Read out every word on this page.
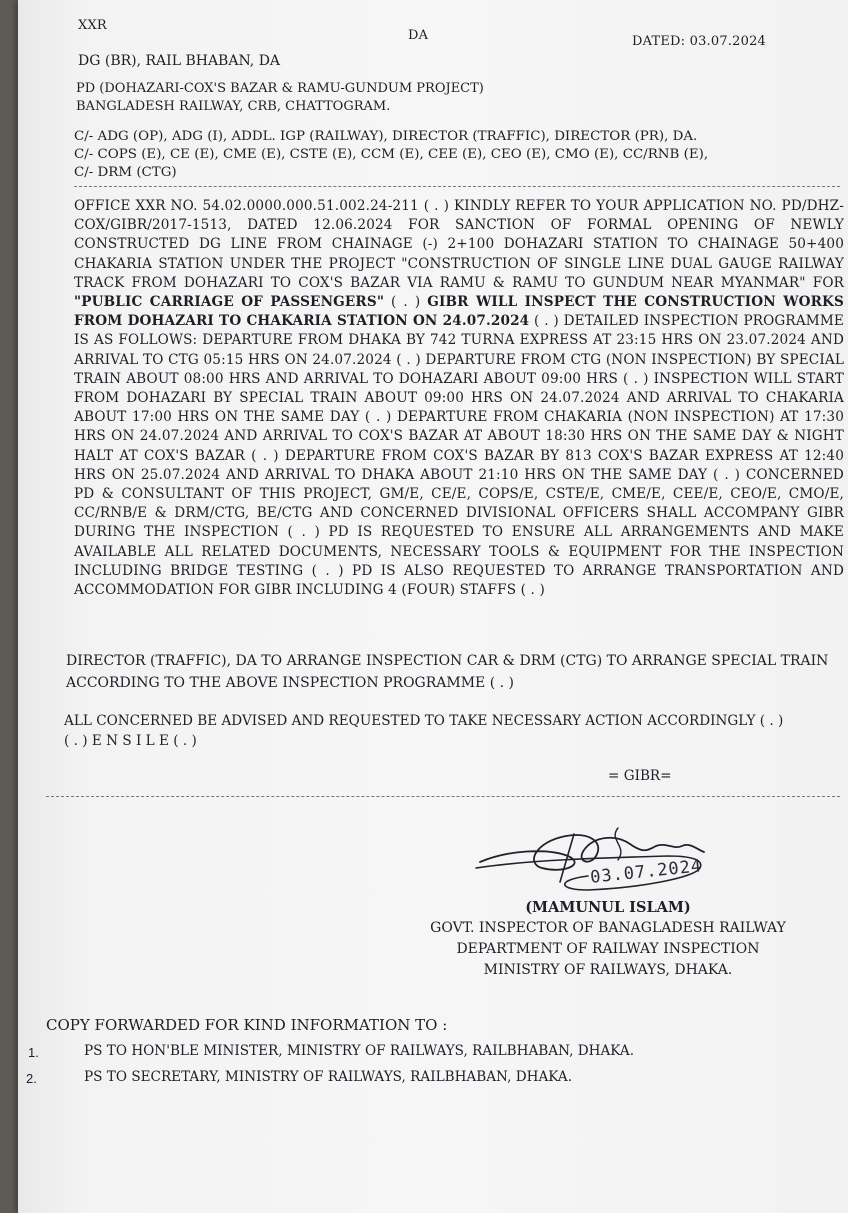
XXR
DA	DATED: 03.07.2024
DG (BR), RAIL BHABAN, DA
PD (DOHAZARI-COX'S BAZAR & RAMU-GUNDUM PROJECT)
BANGLADESH RAILWAY, CRB, CHATTOGRAM.
C/- ADG (OP), ADG (I), ADDL. IGP (RAILWAY), DIRECTOR (TRAFFIC), DIRECTOR (PR), DA.
C/- COPS (E), CE (E), CME (E), CSTE (E), CCM (E), CEE (E), CEO (E), CMO (E), CC/RNB (E),
C/- DRM (CTG)
OFFICE XXR NO. 54.02.0000.000.51.002.24-211 ( . ) KINDLY REFER TO YOUR APPLICATION NO. PD/DHZ-COX/GIBR/2017-1513, DATED 12.06.2024 FOR SANCTION OF FORMAL OPENING OF NEWLY CONSTRUCTED DG LINE FROM CHAINAGE (-) 2+100 DOHAZARI STATION TO CHAINAGE 50+400 CHAKARIA STATION UNDER THE PROJECT "CONSTRUCTION OF SINGLE LINE DUAL GAUGE RAILWAY TRACK FROM DOHAZARI TO COX'S BAZAR VIA RAMU & RAMU TO GUNDUM NEAR MYANMAR" FOR "PUBLIC CARRIAGE OF PASSENGERS" ( . ) GIBR WILL INSPECT THE CONSTRUCTION WORKS FROM DOHAZARI TO CHAKARIA STATION ON 24.07.2024 ( . ) DETAILED INSPECTION PROGRAMME IS AS FOLLOWS: DEPARTURE FROM DHAKA BY 742 TURNA EXPRESS AT 23:15 HRS ON 23.07.2024 AND ARRIVAL TO CTG 05:15 HRS ON 24.07.2024 ( . ) DEPARTURE FROM CTG (NON INSPECTION) BY SPECIAL TRAIN ABOUT 08:00 HRS AND ARRIVAL TO DOHAZARI ABOUT 09:00 HRS ( . ) INSPECTION WILL START FROM DOHAZARI BY SPECIAL TRAIN ABOUT 09:00 HRS ON 24.07.2024 AND ARRIVAL TO CHAKARIA ABOUT 17:00 HRS ON THE SAME DAY ( . ) DEPARTURE FROM CHAKARIA (NON INSPECTION) AT 17:30 HRS ON 24.07.2024 AND ARRIVAL TO COX'S BAZAR AT ABOUT 18:30 HRS ON THE SAME DAY & NIGHT HALT AT COX'S BAZAR ( . ) DEPARTURE FROM COX'S BAZAR BY 813 COX'S BAZAR EXPRESS AT 12:40 HRS ON 25.07.2024 AND ARRIVAL TO DHAKA ABOUT 21:10 HRS ON THE SAME DAY ( . ) CONCERNED PD & CONSULTANT OF THIS PROJECT, GM/E, CE/E, COPS/E, CSTE/E, CME/E, CEE/E, CEO/E, CMO/E, CC/RNB/E & DRM/CTG, BE/CTG AND CONCERNED DIVISIONAL OFFICERS SHALL ACCOMPANY GIBR DURING THE INSPECTION ( . ) PD IS REQUESTED TO ENSURE ALL ARRANGEMENTS AND MAKE AVAILABLE ALL RELATED DOCUMENTS, NECESSARY TOOLS & EQUIPMENT FOR THE INSPECTION INCLUDING BRIDGE TESTING ( . ) PD IS ALSO REQUESTED TO ARRANGE TRANSPORTATION AND ACCOMMODATION FOR GIBR INCLUDING 4 (FOUR) STAFFS ( . )
DIRECTOR (TRAFFIC), DA TO ARRANGE INSPECTION CAR & DRM (CTG) TO ARRANGE SPECIAL TRAIN ACCORDING TO THE ABOVE INSPECTION PROGRAMME ( . )
ALL CONCERNED BE ADVISED AND REQUESTED TO TAKE NECESSARY ACTION ACCORDINGLY ( . )
( . ) E N S I L E ( . )
= GIBR=
03.07.2024
(MAMUNUL ISLAM)
GOVT. INSPECTOR OF BANAGLADESH RAILWAY
DEPARTMENT OF RAILWAY INSPECTION
MINISTRY OF RAILWAYS, DHAKA.
COPY FORWARDED FOR KIND INFORMATION TO :
1.	PS TO HON'BLE MINISTER, MINISTRY OF RAILWAYS, RAILBHABAN, DHAKA.
2.	PS TO SECRETARY, MINISTRY OF RAILWAYS, RAILBHABAN, DHAKA.
